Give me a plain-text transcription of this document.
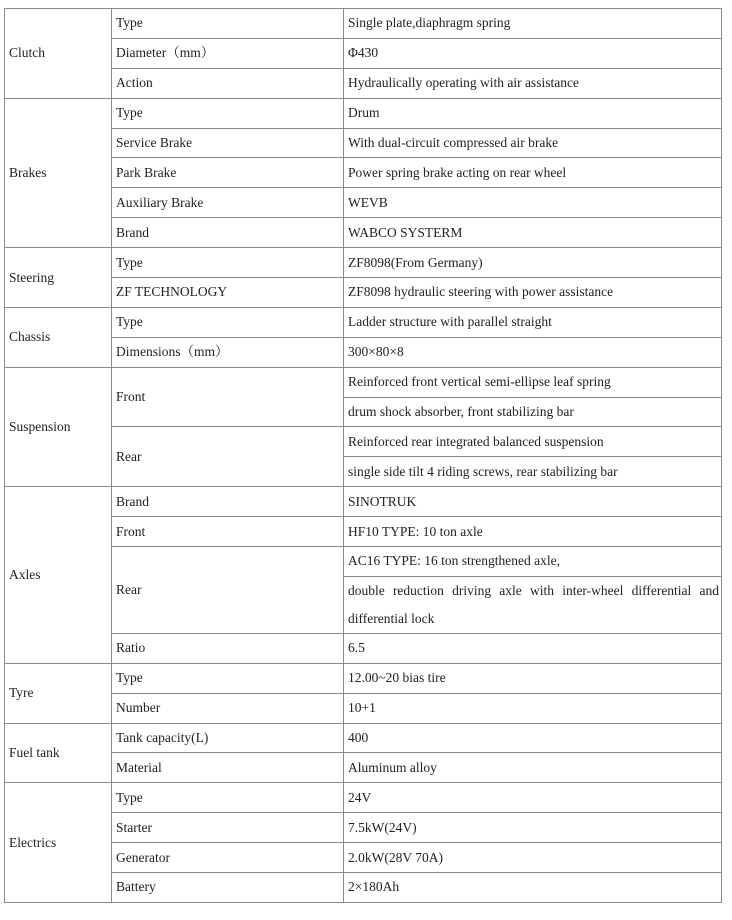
Clutch	Type	Single plate,diaphragm spring
	Diameter（mm）	Φ430
	Action	Hydraulically operating with air assistance
Brakes	Type	Drum
	Service Brake	With dual-circuit compressed air brake
	Park Brake	Power spring brake acting on rear wheel
	Auxiliary Brake	WEVB
	Brand	WABCO SYSTERM
Steering	Type	ZF8098(From Germany)
	ZF TECHNOLOGY	ZF8098 hydraulic steering with power assistance
Chassis	Type	Ladder structure with parallel straight
	Dimensions（mm）	300×80×8
Suspension	Front	Reinforced front vertical semi-ellipse leaf spring
		drum shock absorber, front stabilizing bar
	Rear	Reinforced rear integrated balanced suspension
		single side tilt 4 riding screws, rear stabilizing bar
Axles	Brand	SINOTRUK
	Front	HF10 TYPE: 10 ton axle
	Rear	AC16 TYPE: 16 ton strengthened axle,
		double reduction driving axle with inter-wheel differential and differential lock
	Ratio	6.5
Tyre	Type	12.00~20 bias tire
	Number	10+1
Fuel tank	Tank capacity(L)	400
	Material	Aluminum alloy
Electrics	Type	24V
	Starter	7.5kW(24V)
	Generator	2.0kW(28V 70A)
	Battery	2×180Ah
